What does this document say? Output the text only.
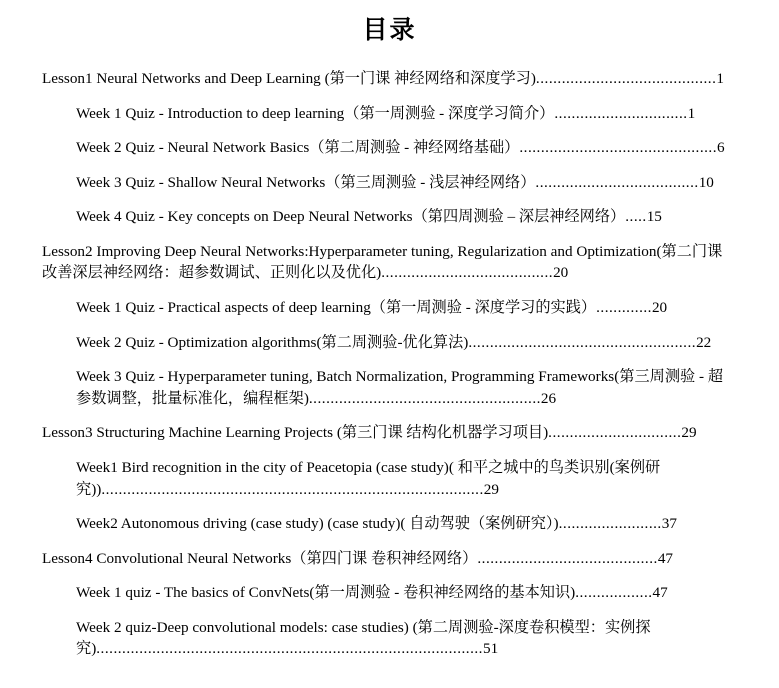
目录
Lesson1 Neural Networks and Deep Learning (第一门课 神经网络和深度学习)..........................................1
Week 1 Quiz - Introduction to deep learning（第一周测验 - 深度学习简介）...............................1
Week 2 Quiz - Neural Network Basics（第二周测验 - 神经网络基础）..............................................6
Week 3 Quiz - Shallow Neural Networks（第三周测验 - 浅层神经网络）......................................10
Week 4 Quiz - Key concepts on Deep Neural Networks（第四周测验 – 深层神经网络）.....15
Lesson2 Improving Deep Neural Networks:Hyperparameter tuning, Regularization and Optimization(第二门课 改善深层神经网络：超参数调试、正则化以及优化)........................................20
Week 1 Quiz - Practical aspects of deep learning（第一周测验 - 深度学习的实践）.............20
Week 2 Quiz - Optimization algorithms(第二周测验-优化算法).....................................................22
Week 3 Quiz - Hyperparameter tuning, Batch Normalization, Programming Frameworks(第三周测验 - 超参数调整，批量标准化，编程框架)......................................................26
Lesson3 Structuring Machine Learning Projects (第三门课 结构化机器学习项目)...............................29
Week1 Bird recognition in the city of Peacetopia (case study)( 和平之城中的鸟类识别(案例研究)).........................................................................................29
Week2 Autonomous driving (case study) (case study)( 自动驾驶（案例研究）)........................37
Lesson4 Convolutional Neural Networks（第四门课 卷积神经网络）..........................................47
Week 1 quiz - The basics of ConvNets(第一周测验 - 卷积神经网络的基本知识)..................47
Week 2 quiz-Deep convolutional models: case studies) (第二周测验-深度卷积模型：实例探究)..........................................................................................51
